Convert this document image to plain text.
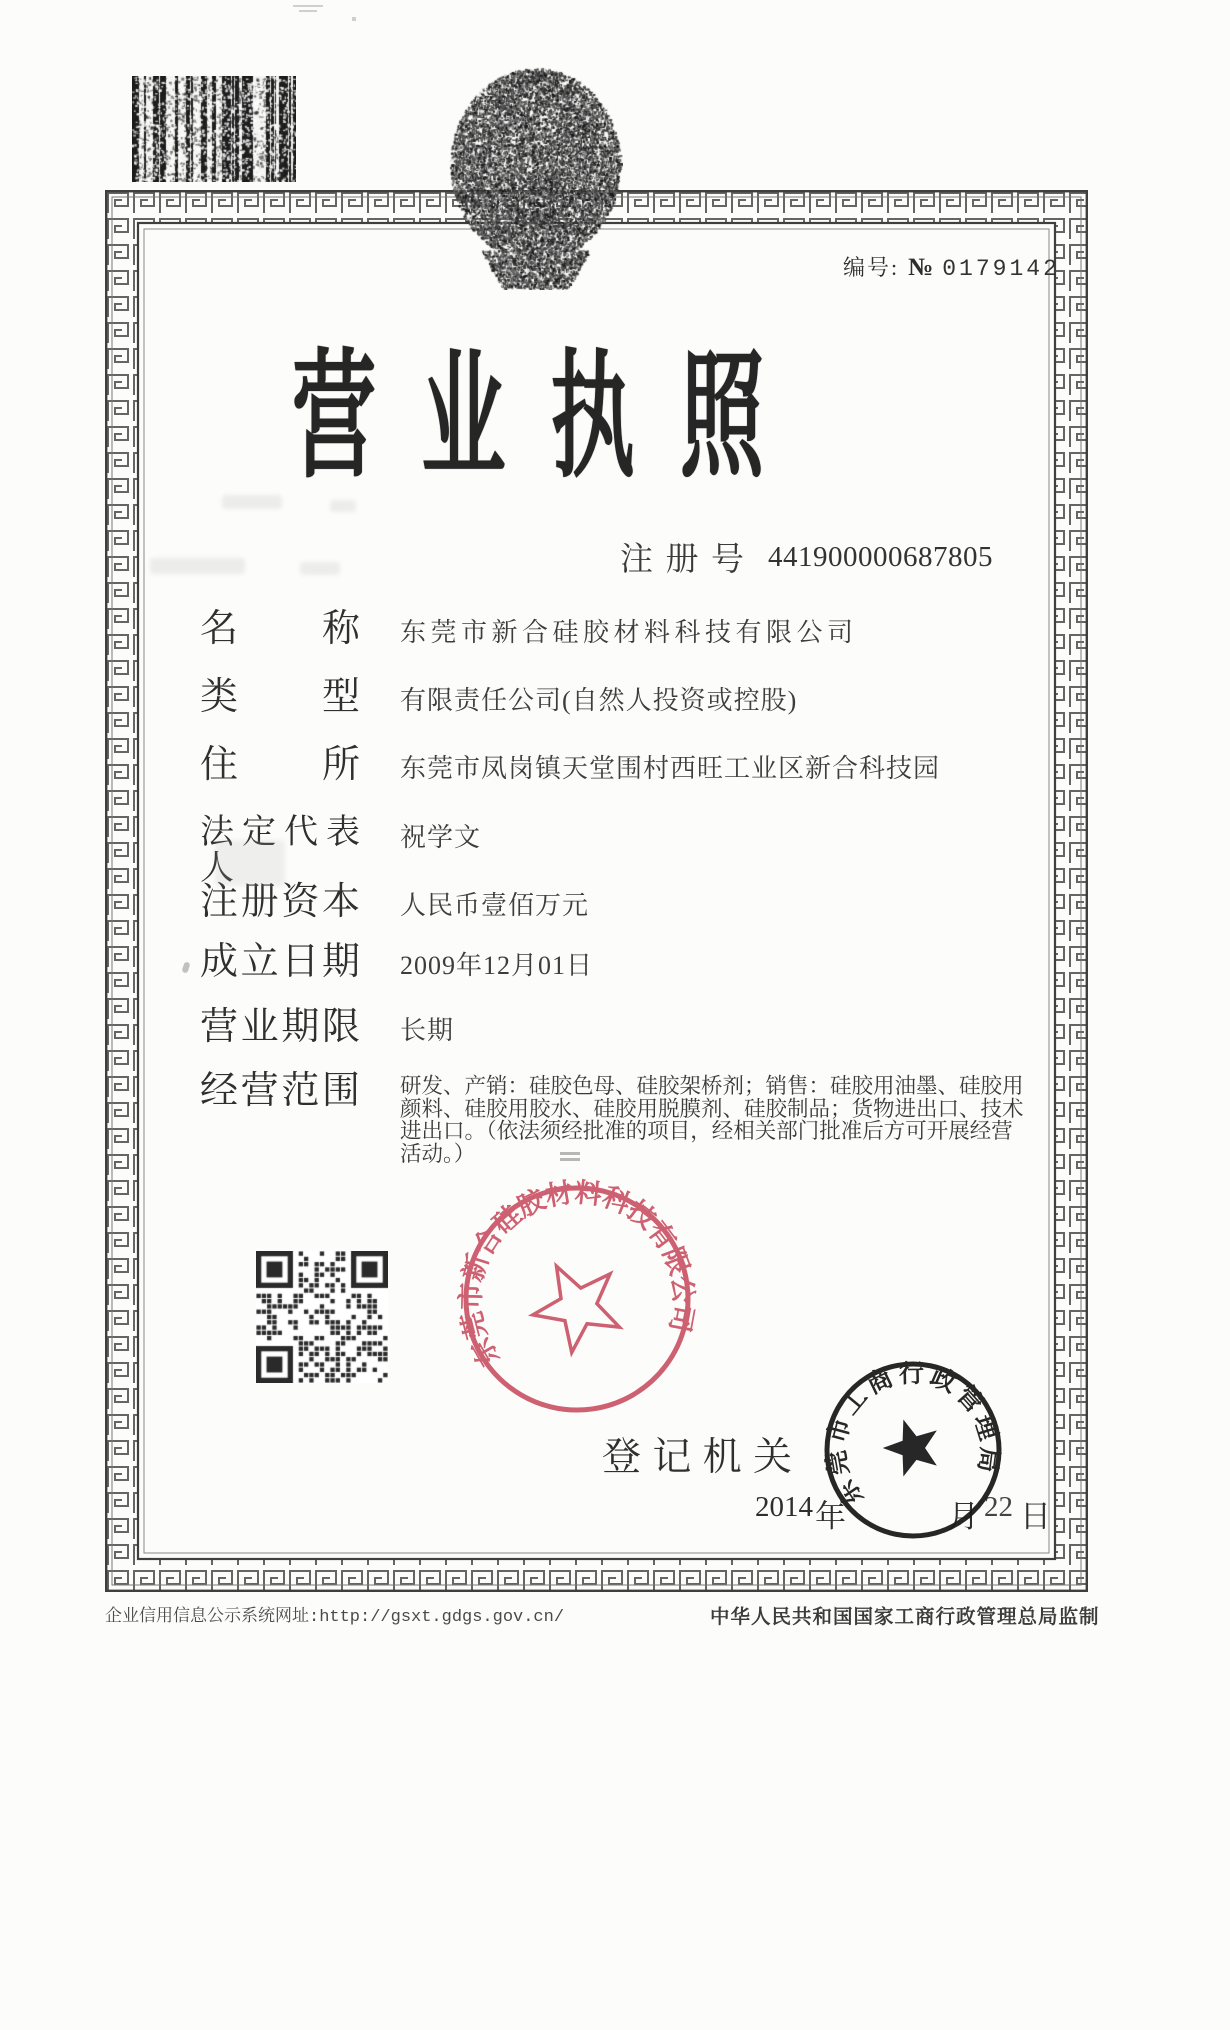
编号: № 0179142
营业执照
注册号 441900000687805
名称 东莞市新合硅胶材料科技有限公司
类型 有限责任公司(自然人投资或控股)
住所 东莞市凤岗镇天堂围村西旺工业区新合科技园
法定代表人
祝学文
注册资本 人民币壹佰万元
成立日期 2009年12月01日
营业期限 长期
经营范围 研发、产销：硅胶色母、硅胶架桥剂；销售：硅胶用油墨、硅胶用颜料、硅胶用胶水、硅胶用脱膜剂、硅胶制品；货物进出口、技术进出口。（依法须经批准的项目，经相关部门批准后方可开展经营活动。）
东莞市新合硅胶材料科技有限公司
登记机关
2014 年	月 22 日
东莞市工商行政管理局
企业信用信息公示系统网址:http://gsxt.gdgs.gov.cn/	中华人民共和国国家工商行政管理总局监制
